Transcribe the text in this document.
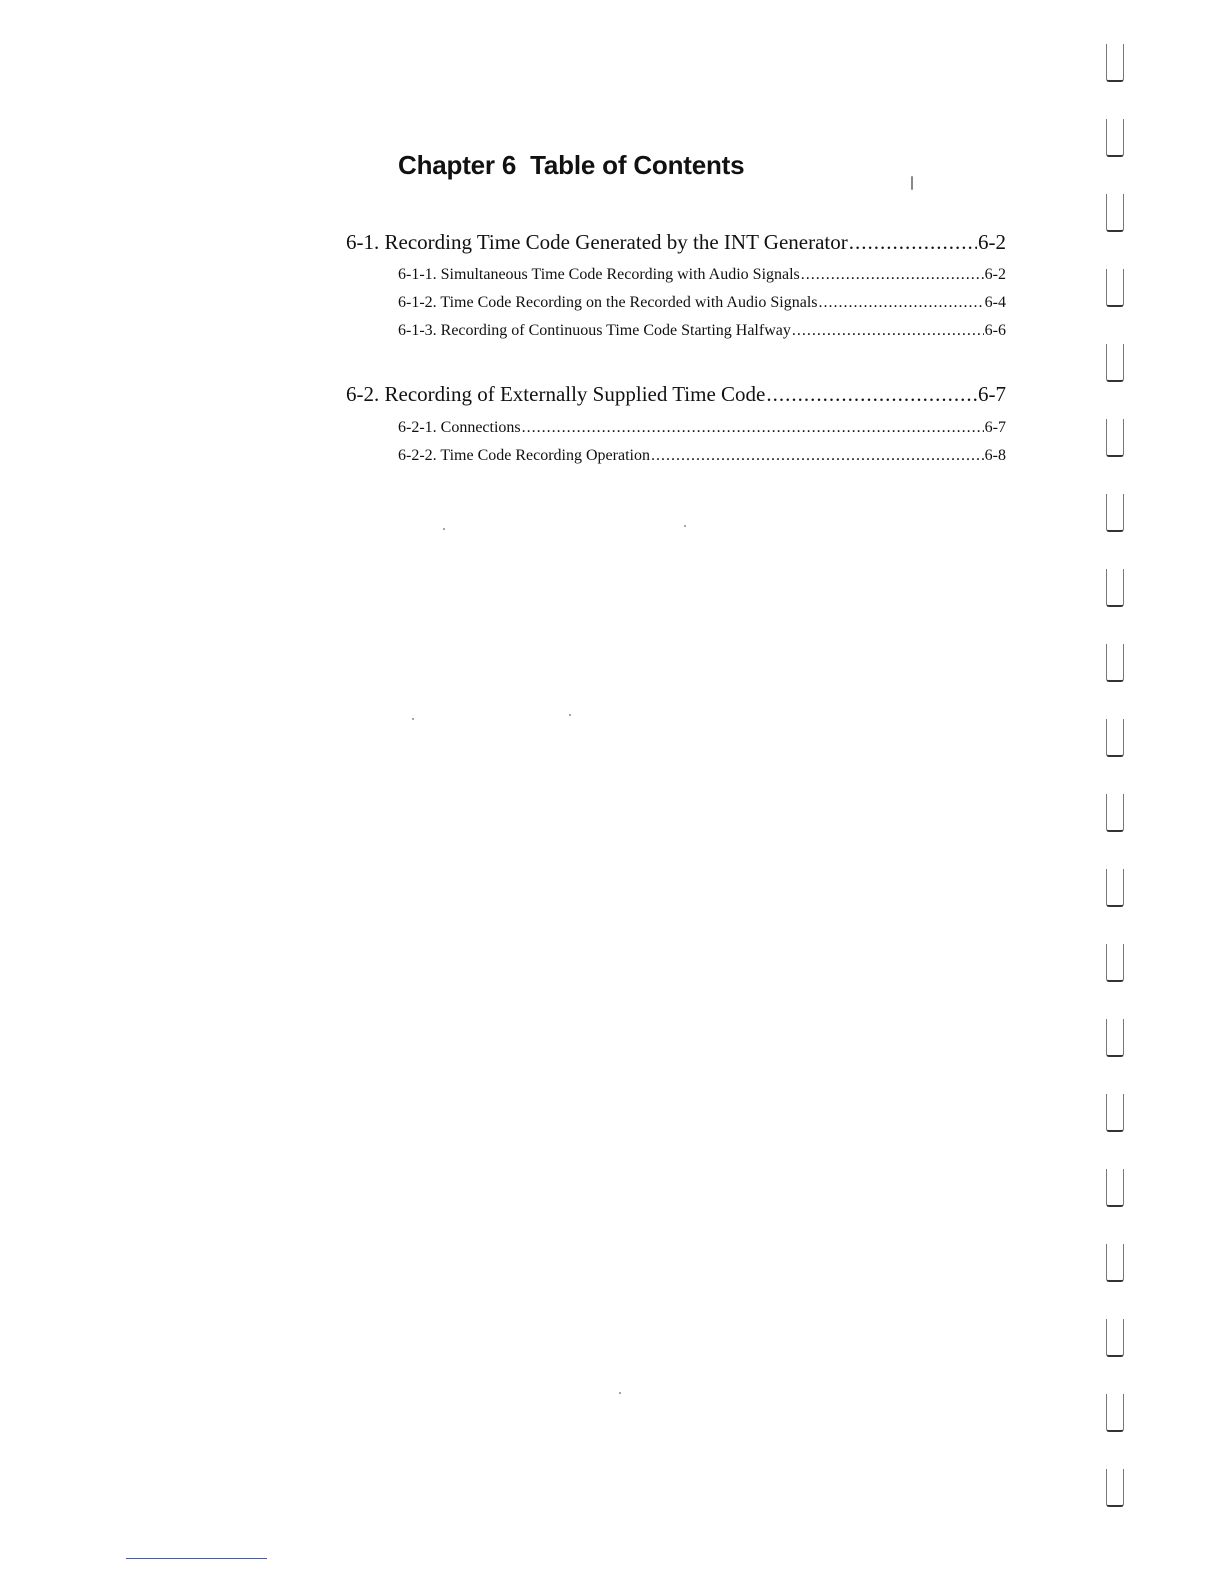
Chapter 6  Table of Contents
6-1. Recording Time Code Generated by the INT Generator .....	6-2
6-1-1. Simultaneous Time Code Recording with Audio Signals .....	6-2
6-1-2. Time Code Recording on the Recorded with Audio Signals .....	6-4
6-1-3. Recording of Continuous Time Code Starting Halfway .....	6-6
6-2. Recording of Externally Supplied Time Code .....	6-7
6-2-1. Connections .....	6-7
6-2-2. Time Code Recording Operation .....	6-8
